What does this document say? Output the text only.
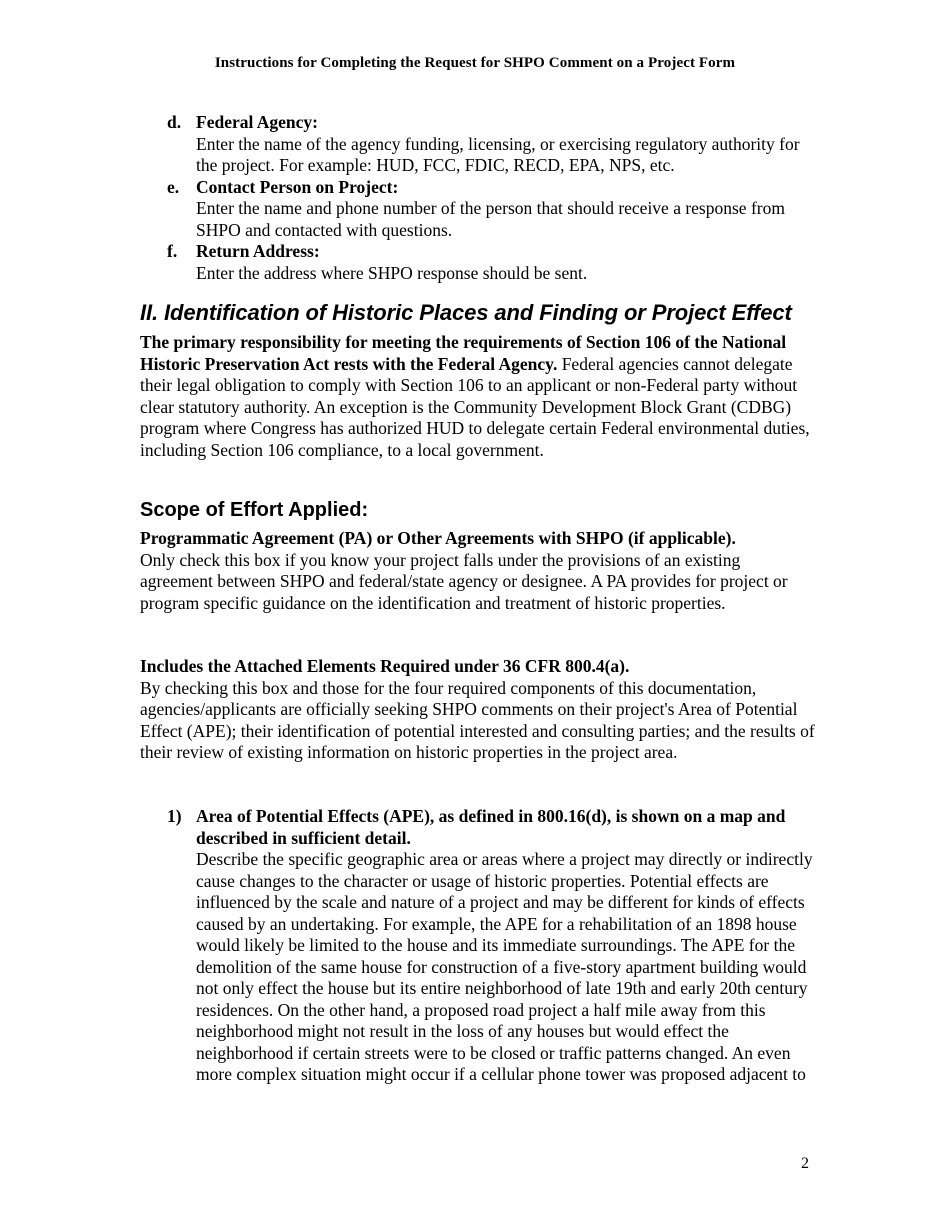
Instructions for Completing the Request for SHPO Comment on a Project Form
d. Federal Agency:
Enter the name of the agency funding, licensing, or exercising regulatory authority for the project. For example: HUD, FCC, FDIC, RECD, EPA, NPS, etc.
e. Contact Person on Project:
Enter the name and phone number of the person that should receive a response from SHPO and contacted with questions.
f. Return Address:
Enter the address where SHPO response should be sent.
II. Identification of Historic Places and Finding or Project Effect
The primary responsibility for meeting the requirements of Section 106 of the National Historic Preservation Act rests with the Federal Agency. Federal agencies cannot delegate their legal obligation to comply with Section 106 to an applicant or non-Federal party without clear statutory authority. An exception is the Community Development Block Grant (CDBG) program where Congress has authorized HUD to delegate certain Federal environmental duties, including Section 106 compliance, to a local government.
Scope of Effort Applied:
Programmatic Agreement (PA) or Other Agreements with SHPO (if applicable).
Only check this box if you know your project falls under the provisions of an existing agreement between SHPO and federal/state agency or designee. A PA provides for project or program specific guidance on the identification and treatment of historic properties.
Includes the Attached Elements Required under 36 CFR 800.4(a).
By checking this box and those for the four required components of this documentation, agencies/applicants are officially seeking SHPO comments on their project's Area of Potential Effect (APE); their identification of potential interested and consulting parties; and the results of their review of existing information on historic properties in the project area.
1) Area of Potential Effects (APE), as defined in 800.16(d), is shown on a map and described in sufficient detail.
Describe the specific geographic area or areas where a project may directly or indirectly cause changes to the character or usage of historic properties. Potential effects are influenced by the scale and nature of a project and may be different for kinds of effects caused by an undertaking. For example, the APE for a rehabilitation of an 1898 house would likely be limited to the house and its immediate surroundings. The APE for the demolition of the same house for construction of a five-story apartment building would not only effect the house but its entire neighborhood of late 19th and early 20th century residences. On the other hand, a proposed road project a half mile away from this neighborhood might not result in the loss of any houses but would effect the neighborhood if certain streets were to be closed or traffic patterns changed. An even more complex situation might occur if a cellular phone tower was proposed adjacent to
2
